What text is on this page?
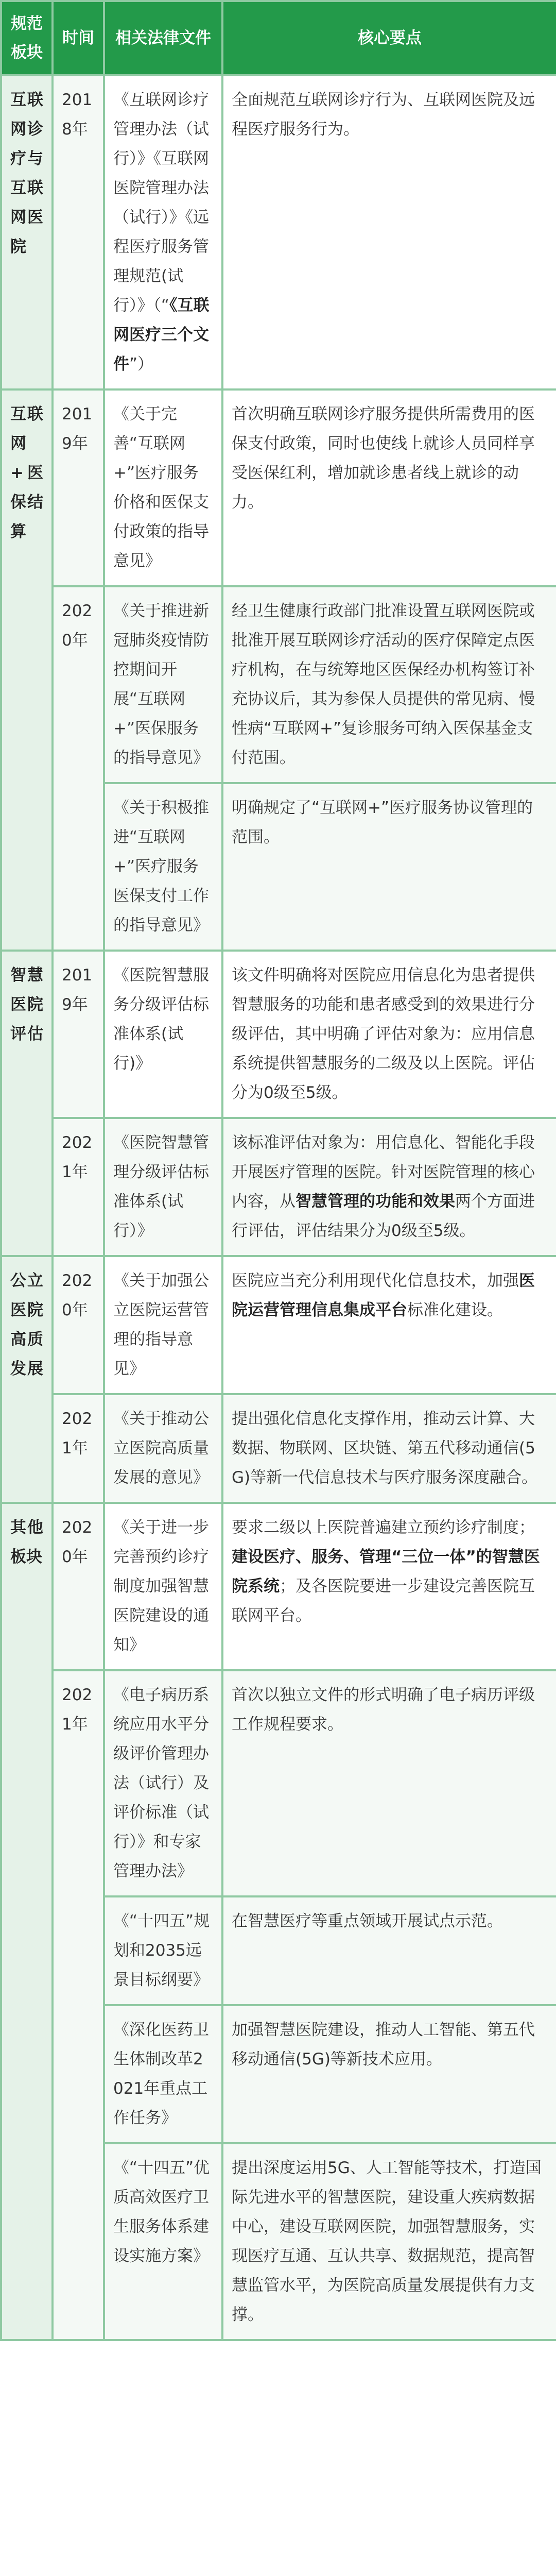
规范板块	时间	相关法律文件	核心要点
互联网诊疗与互联网医院	2018年	《互联网诊疗管理办法（试行）》《互联网医院管理办法（试行）》《远程医疗服务管理规范(试行）》（“《互联网医疗三个文件”）	全面规范互联网诊疗行为、互联网医院及远程医疗服务行为。
互联网+医保结算	2019年	《关于完善“互联网+”医疗服务价格和医保支付政策的指导意见》	首次明确互联网诊疗服务提供所需费用的医保支付政策，同时也使线上就诊人员同样享受医保红利，增加就诊患者线上就诊的动力。
	2020年	《关于推进新冠肺炎疫情防控期间开展“互联网+”医保服务的指导意见》	经卫生健康行政部门批准设置互联网医院或批准开展互联网诊疗活动的医疗保障定点医疗机构，在与统筹地区医保经办机构签订补充协议后，其为参保人员提供的常见病、慢性病“互联网+”复诊服务可纳入医保基金支付范围。
		《关于积极推进“互联网+”医疗服务医保支付工作的指导意见》	明确规定了“互联网+”医疗服务协议管理的范围。
智慧医院评估	2019年	《医院智慧服务分级评估标准体系(试行)》	该文件明确将对医院应用信息化为患者提供智慧服务的功能和患者感受到的效果进行分级评估，其中明确了评估对象为：应用信息系统提供智慧服务的二级及以上医院。评估分为0级至5级。
	2021年	《医院智慧管理分级评估标准体系(试行）》	该标准评估对象为：用信息化、智能化手段开展医疗管理的医院。针对医院管理的核心内容，从智慧管理的功能和效果两个方面进行评估，评估结果分为0级至5级。
公立医院高质发展	2020年	《关于加强公立医院运营管理的指导意见》	医院应当充分利用现代化信息技术，加强医院运营管理信息集成平台标准化建设。
	2021年	《关于推动公立医院高质量发展的意见》	提出强化信息化支撑作用，推动云计算、大数据、物联网、区块链、第五代移动通信(5G)等新一代信息技术与医疗服务深度融合。
其他板块	2020年	《关于进一步完善预约诊疗制度加强智慧医院建设的通知》	要求二级以上医院普遍建立预约诊疗制度；建设医疗、服务、管理“三位一体”的智慧医院系统；及各医院要进一步建设完善医院互联网平台。
	2021年	《电子病历系统应用水平分级评价管理办法（试行）及评价标准（试行）》和专家管理办法》	首次以独立文件的形式明确了电子病历评级工作规程要求。
		《“十四五”规划和2035远景目标纲要》	在智慧医疗等重点领域开展试点示范。
		《深化医药卫生体制改革2021年重点工作任务》	加强智慧医院建设，推动人工智能、第五代移动通信(5G)等新技术应用。
		《“十四五”优质高效医疗卫生服务体系建设实施方案》	提出深度运用5G、人工智能等技术，打造国际先进水平的智慧医院，建设重大疾病数据中心，建设互联网医院，加强智慧服务，实现医疗互通、互认共享、数据规范，提高智慧监管水平，为医院高质量发展提供有力支撑。
